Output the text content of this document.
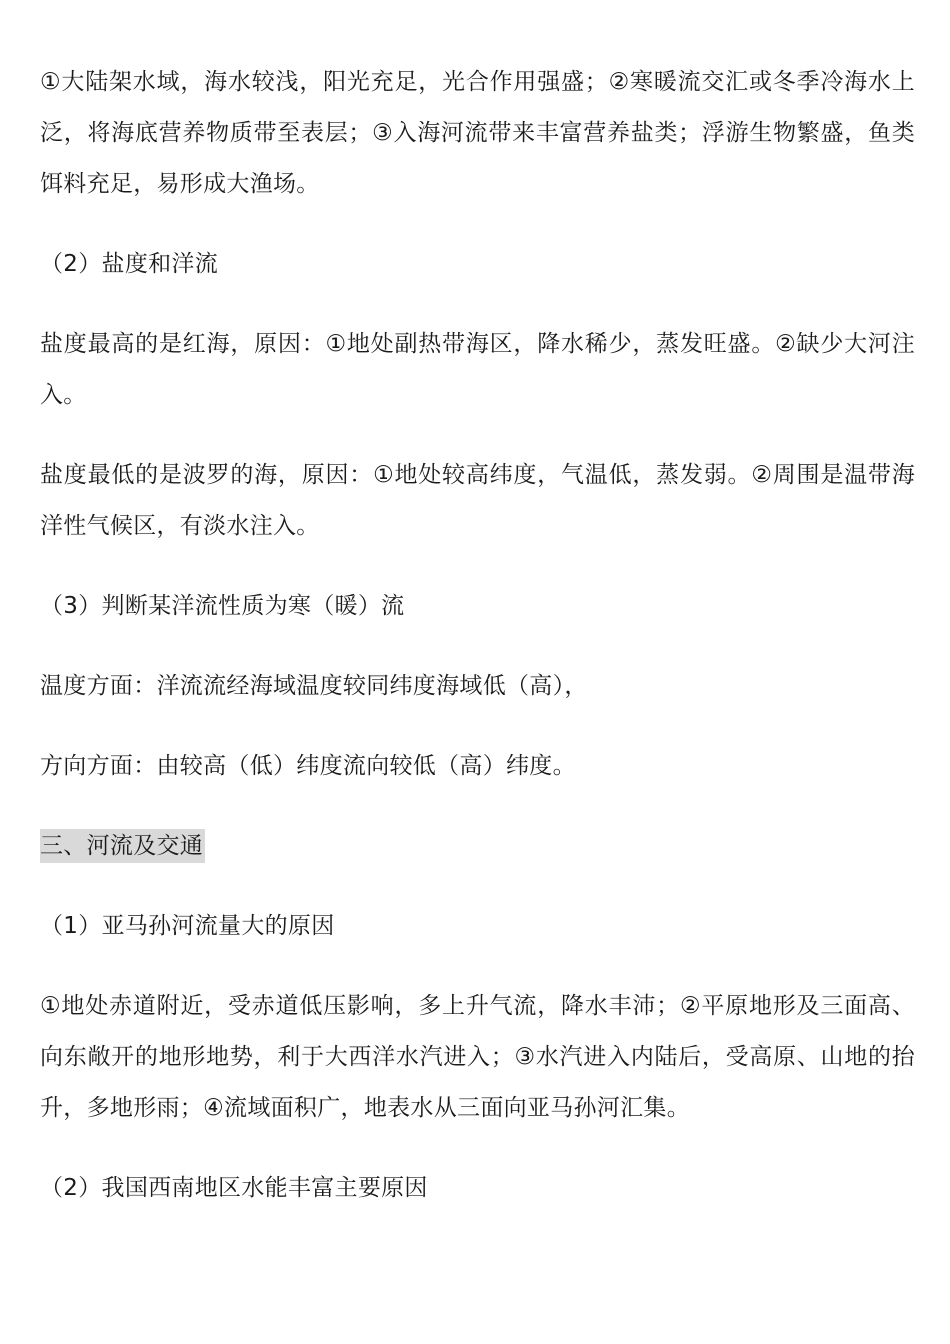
①大陆架水域，海水较浅，阳光充足，光合作用强盛；②寒暖流交汇或冬季冷海水上泛，将海底营养物质带至表层；③入海河流带来丰富营养盐类；浮游生物繁盛，鱼类饵料充足，易形成大渔场。

（2）盐度和洋流

盐度最高的是红海，原因：①地处副热带海区，降水稀少，蒸发旺盛。②缺少大河注入。

盐度最低的是波罗的海，原因：①地处较高纬度，气温低，蒸发弱。②周围是温带海洋性气候区，有淡水注入。

（3）判断某洋流性质为寒（暖）流

温度方面：洋流流经海域温度较同纬度海域低（高），

方向方面：由较高（低）纬度流向较低（高）纬度。

三、河流及交通

（1）亚马孙河流量大的原因

①地处赤道附近，受赤道低压影响，多上升气流，降水丰沛；②平原地形及三面高、向东敞开的地形地势，利于大西洋水汽进入；③水汽进入内陆后，受高原、山地的抬升，多地形雨；④流域面积广，地表水从三面向亚马孙河汇集。

（2）我国西南地区水能丰富主要原因
